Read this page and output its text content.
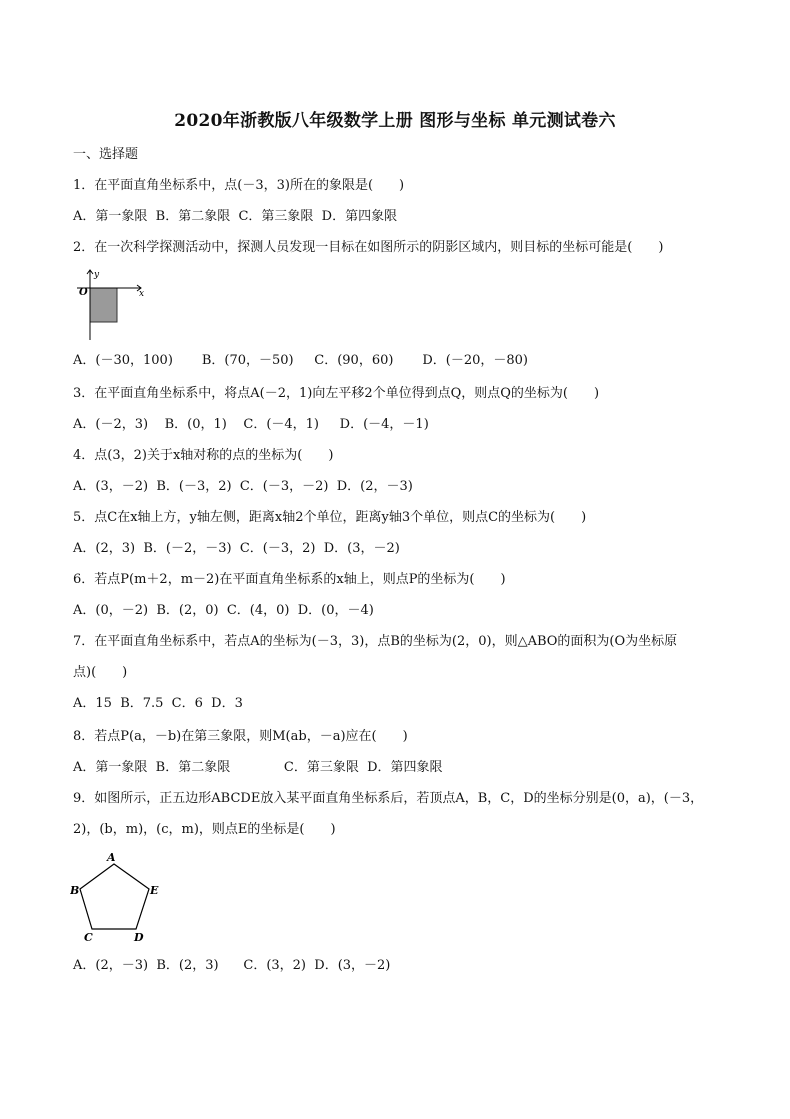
2020年浙教版八年级数学上册 图形与坐标 单元测试卷六
一、选择题
1．在平面直角坐标系中，点(－3，3)所在的象限是(　　)
A．第一象限  B．第二象限  C．第三象限  D．第四象限
2．在一次科学探测活动中，探测人员发现一目标在如图所示的阴影区域内，则目标的坐标可能是(　　)
y
x
O
A．(－30，100)       B．(70，－50)     C．(90，60)       D．(－20，－80)
3．在平面直角坐标系中，将点A(－2，1)向左平移2个单位得到点Q，则点Q的坐标为(　　)
A．(－2，3)    B．(0，1)    C．(－4，1)     D．(－4，－1)
4．点(3，2)关于x轴对称的点的坐标为(　　)
A．(3，－2)  B．(－3，2)  C．(－3，－2)  D．(2，－3)
5．点C在x轴上方，y轴左侧，距离x轴2个单位，距离y轴3个单位，则点C的坐标为(　　)
A．(2，3)  B．(－2，－3)  C．(－3，2)  D．(3，－2)
6．若点P(m＋2，m－2)在平面直角坐标系的x轴上，则点P的坐标为(　　)
A．(0，－2)  B．(2，0)  C．(4，0)  D．(0，－4)
7．在平面直角坐标系中，若点A的坐标为(－3，3)，点B的坐标为(2，0)，则△ABO的面积为(O为坐标原
点)(　　)
A．15  B．7.5  C．6  D．3
8．若点P(a，－b)在第三象限，则M(ab，－a)应在(　　)
A．第一象限  B．第二象限             C．第三象限  D．第四象限
9．如图所示，正五边形ABCDE放入某平面直角坐标系后，若顶点A，B，C，D的坐标分别是(0，a)，(－3，
2)，(b，m)，(c，m)，则点E的坐标是(　　)
A
B	E
C	D
A．(2，－3)  B．(2，3)      C．(3，2)  D．(3，－2)
